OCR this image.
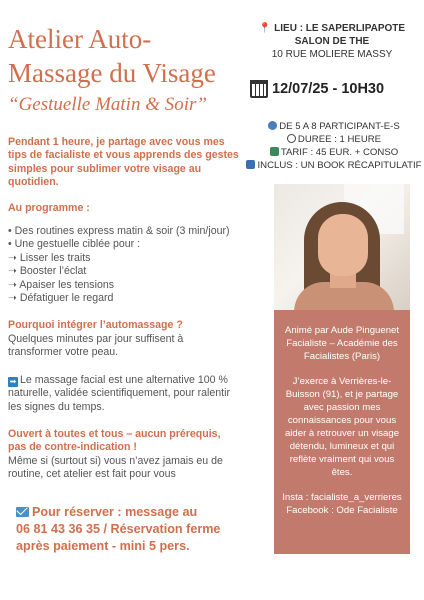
Atelier Auto-
Massage du Visage
“Gestuelle Matin & Soir”

Pendant 1 heure, je partage avec vous mes tips de facialiste et vous apprends des gestes simples pour sublimer votre visage au quotidien.

Au programme :

• Des routines express matin & soir (3 min/jour)
• Une gestuelle ciblée pour :
➝ Lisser les traits
➝ Booster l’éclat
➝ Apaiser les tensions
➝ Défatiguer le regard
Pourquoi intégrer l’automassage ?
Quelques minutes par jour suffisent à transformer votre peau.
➡ Le massage facial est une alternative 100 % naturelle, validée scientifiquement, pour ralentir les signes du temps.
Ouvert à toutes et tous – aucun prérequis, pas de contre-indication !
Même si (surtout si) vous n’avez jamais eu de routine, cet atelier est fait pour vous
Pour réserver : message au
06 81 43 36 35 / Réservation ferme
après paiement - mini 5 pers.
📍 LIEU : LE SAPERLIPAPOTE
SALON DE THE
10 RUE MOLIERE MASSY
12/07/25 - 10H30
DE 5 A 8 PARTICIPANT-E-S
DUREE : 1 HEURE
TARIF : 45 EUR. + CONSO
INCLUS : UN BOOK RÉCAPITULATIF

Animé par Aude Pinguenet Facialiste – Académie des Facialistes (Paris)

J’exerce à Verrières-le-Buisson (91), et je partage avec passion mes connaissances pour vous aider à retrouver un visage détendu, lumineux et qui reflète vraiment qui vous êtes.

Insta : facialiste_a_verrieres
Facebook : Ode Facialiste
